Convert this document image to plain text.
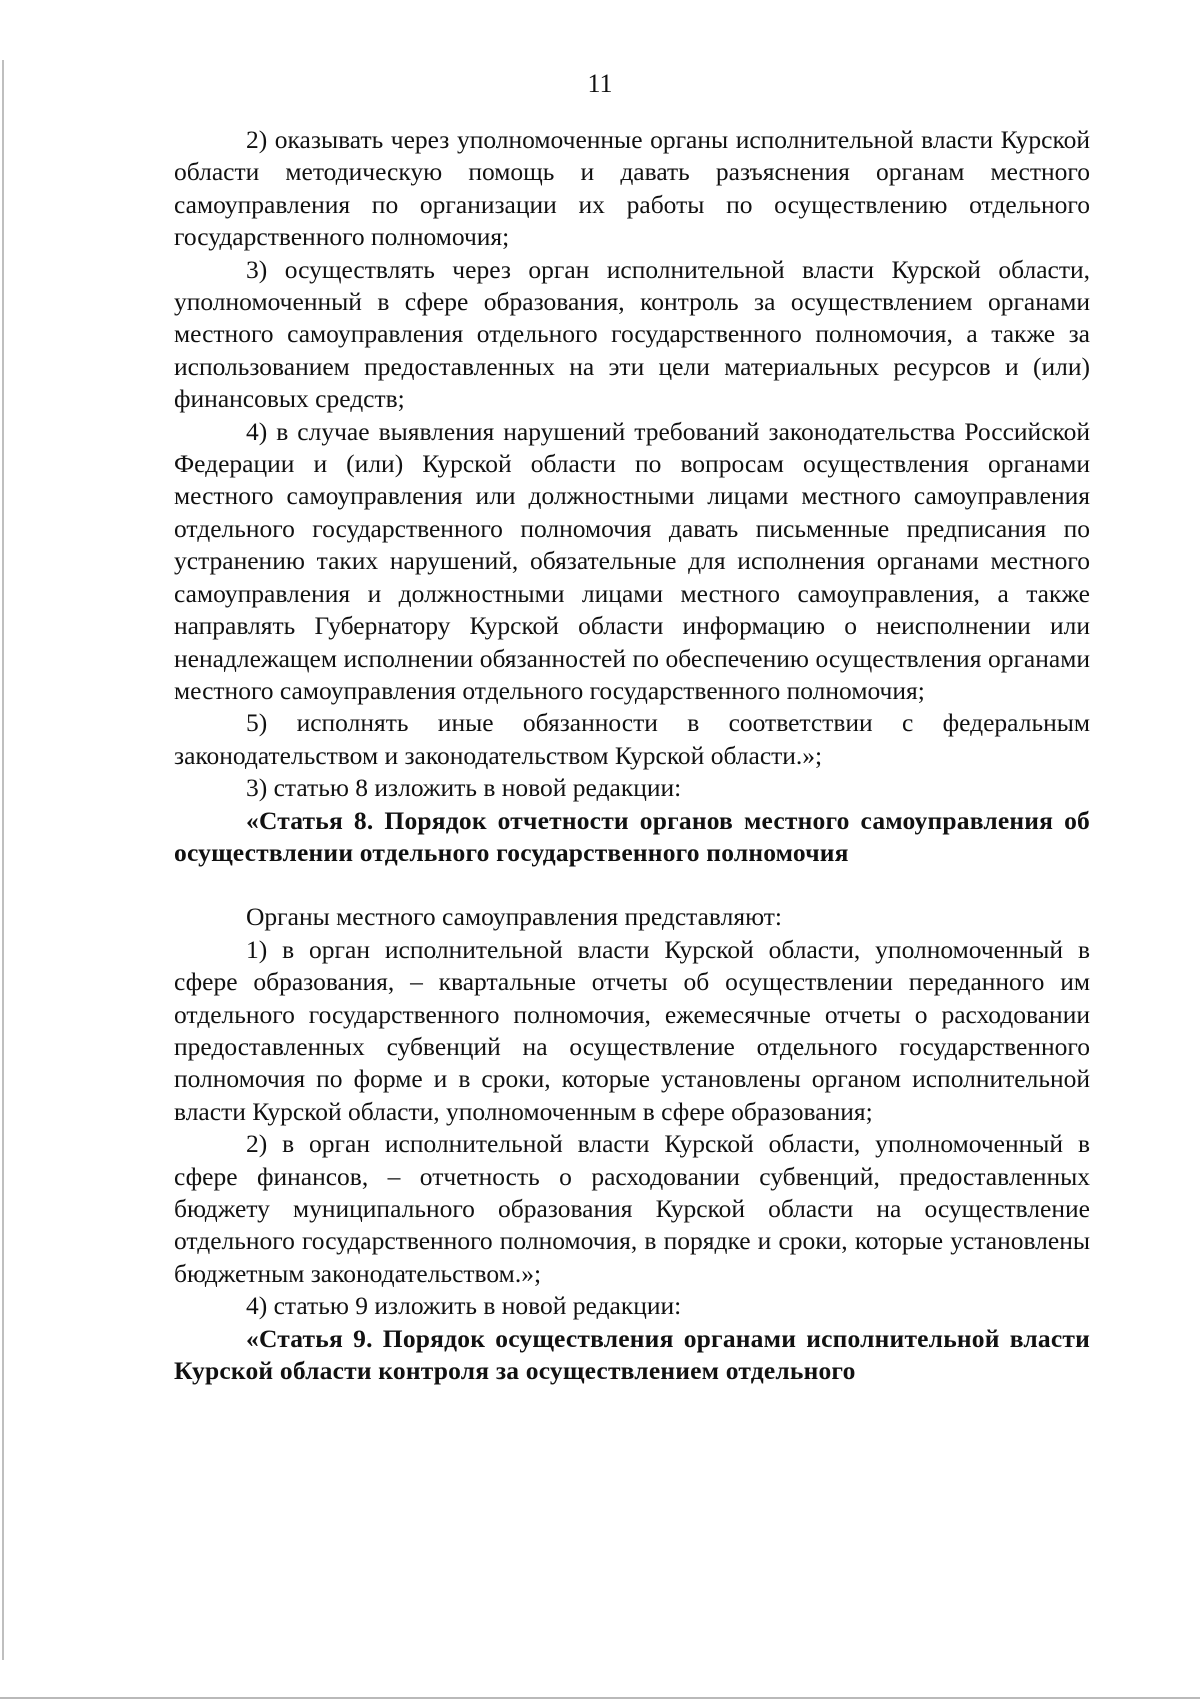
11

2) оказывать через уполномоченные органы исполнительной власти Курской области методическую помощь и давать разъяснения органам местного самоуправления по организации их работы по осуществлению отдельного государственного полномочия;

3) осуществлять через орган исполнительной власти Курской области, уполномоченный в сфере образования, контроль за осуществлением органами местного самоуправления отдельного государственного полномочия, а также за использованием предоставленных на эти цели материальных ресурсов и (или) финансовых средств;

4) в случае выявления нарушений требований законодательства Российской Федерации и (или) Курской области по вопросам осуществления органами местного самоуправления или должностными лицами местного самоуправления отдельного государственного полномочия давать письменные предписания по устранению таких нарушений, обязательные для исполнения органами местного самоуправления и должностными лицами местного самоуправления, а также направлять Губернатору Курской области информацию о неисполнении или ненадлежащем исполнении обязанностей по обеспечению осуществления органами местного самоуправления отдельного государственного полномочия;

5) исполнять иные обязанности в соответствии с федеральным законодательством и законодательством Курской области.»;

3) статью 8 изложить в новой редакции:

«Статья 8. Порядок отчетности органов местного самоуправления об осуществлении отдельного государственного полномочия

Органы местного самоуправления представляют:

1) в орган исполнительной власти Курской области, уполномоченный в сфере образования, – квартальные отчеты об осуществлении переданного им отдельного государственного полномочия, ежемесячные отчеты о расходовании предоставленных субвенций на осуществление отдельного государственного полномочия по форме и в сроки, которые установлены органом исполнительной власти Курской области, уполномоченным в сфере образования;

2) в орган исполнительной власти Курской области, уполномоченный в сфере финансов, – отчетность о расходовании субвенций, предоставленных бюджету муниципального образования Курской области на осуществление отдельного государственного полномочия, в порядке и сроки, которые установлены бюджетным законодательством.»;

4) статью 9 изложить в новой редакции:

«Статья 9. Порядок осуществления органами исполнительной власти Курской области контроля за осуществлением отдельного
